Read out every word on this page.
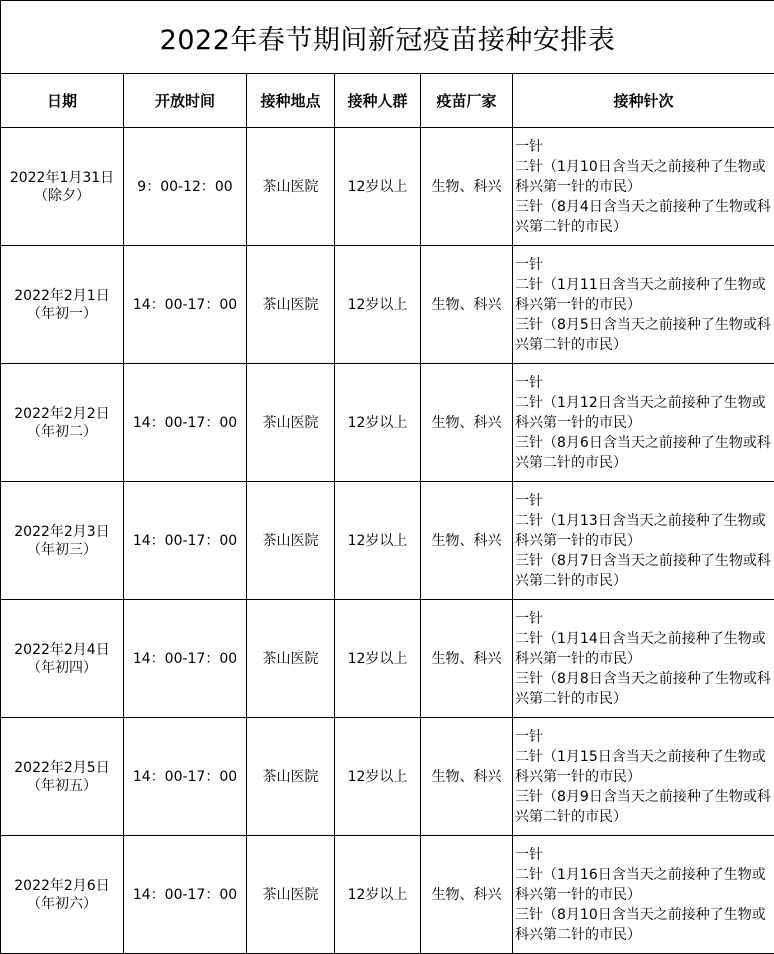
2022年春节期间新冠疫苗接种安排表					
日期	开放时间	接种地点	接种人群	疫苗厂家	接种针次

2022年1月31日
（除夕）	9：00-12：00	茶山医院	12岁以上	生物、科兴	一针
二针（1月10日含当天之前接种了生物或科兴第一针的市民）
三针（8月4日含当天之前接种了生物或科兴第二针的市民）

2022年2月1日
（年初一）	14：00-17：00	茶山医院	12岁以上	生物、科兴	一针
二针（1月11日含当天之前接种了生物或科兴第一针的市民）
三针（8月5日含当天之前接种了生物或科兴第二针的市民）

2022年2月2日
（年初二）	14：00-17：00	茶山医院	12岁以上	生物、科兴	一针
二针（1月12日含当天之前接种了生物或科兴第一针的市民）
三针（8月6日含当天之前接种了生物或科兴第二针的市民）

2022年2月3日
（年初三）	14：00-17：00	茶山医院	12岁以上	生物、科兴	一针
二针（1月13日含当天之前接种了生物或科兴第一针的市民）
三针（8月7日含当天之前接种了生物或科兴第二针的市民）

2022年2月4日
（年初四）	14：00-17：00	茶山医院	12岁以上	生物、科兴	一针
二针（1月14日含当天之前接种了生物或科兴第一针的市民）
三针（8月8日含当天之前接种了生物或科兴第二针的市民）

2022年2月5日
（年初五）	14：00-17：00	茶山医院	12岁以上	生物、科兴	一针
二针（1月15日含当天之前接种了生物或科兴第一针的市民）
三针（8月9日含当天之前接种了生物或科兴第二针的市民）

2022年2月6日
（年初六）	14：00-17：00	茶山医院	12岁以上	生物、科兴	一针
二针（1月16日含当天之前接种了生物或科兴第一针的市民）
三针（8月10日含当天之前接种了生物或科兴第二针的市民）
